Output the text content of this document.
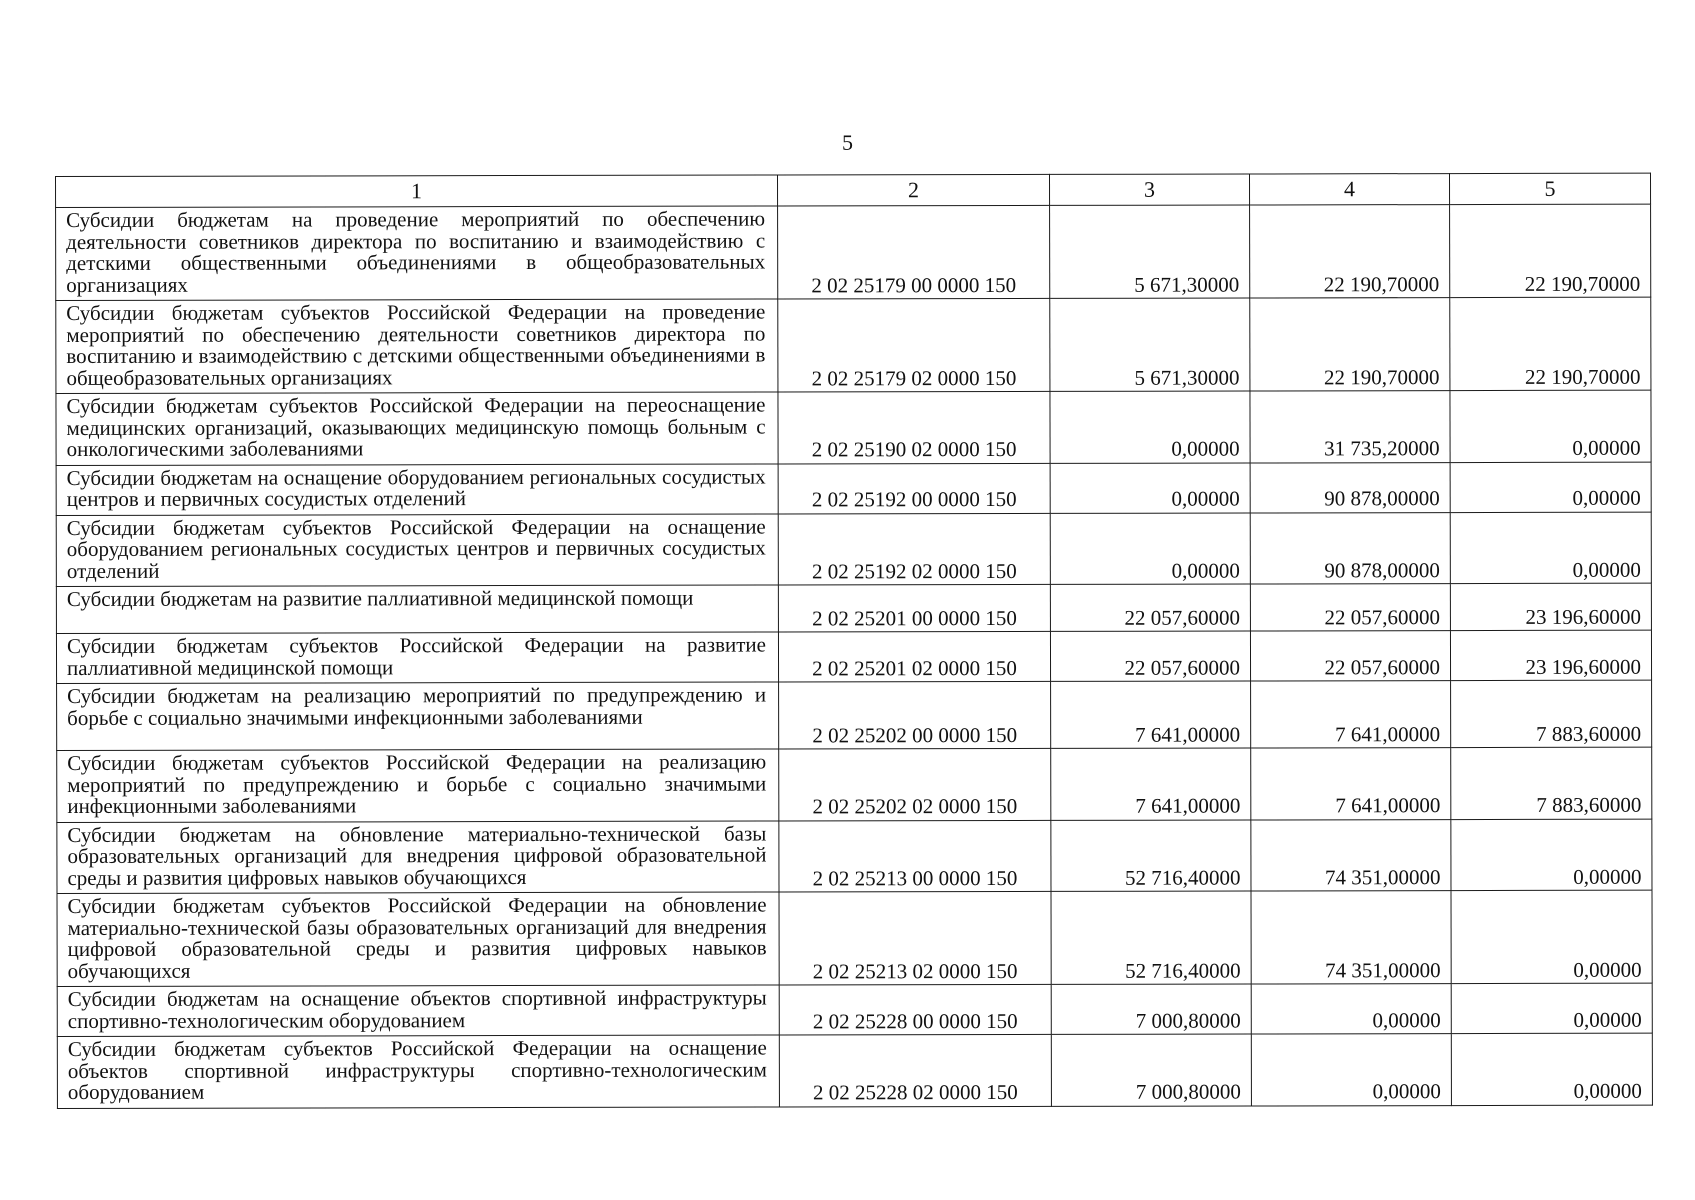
5
1	2	3	4	5
Субсидии бюджетам на проведение мероприятий по обеспечению деятельности советников директора по воспитанию и взаимодействию с детскими общественными объединениями в общеобразовательных организациях	2 02 25179 00 0000 150	5 671,30000	22 190,70000	22 190,70000
Субсидии бюджетам субъектов Российской Федерации на проведение мероприятий по обеспечению деятельности советников директора по воспитанию и взаимодействию с детскими общественными объединениями в общеобразовательных организациях	2 02 25179 02 0000 150	5 671,30000	22 190,70000	22 190,70000
Субсидии бюджетам субъектов Российской Федерации на переоснащение медицинских организаций, оказывающих медицинскую помощь больным с онкологическими заболеваниями	2 02 25190 02 0000 150	0,00000	31 735,20000	0,00000
Субсидии бюджетам на оснащение оборудованием региональных сосудистых центров и первичных сосудистых отделений	2 02 25192 00 0000 150	0,00000	90 878,00000	0,00000
Субсидии бюджетам субъектов Российской Федерации на оснащение оборудованием региональных сосудистых центров и первичных сосудистых отделений	2 02 25192 02 0000 150	0,00000	90 878,00000	0,00000
Субсидии бюджетам на развитие паллиативной медицинской помощи	2 02 25201 00 0000 150	22 057,60000	22 057,60000	23 196,60000
Субсидии бюджетам субъектов Российской Федерации на развитие паллиативной медицинской помощи	2 02 25201 02 0000 150	22 057,60000	22 057,60000	23 196,60000
Субсидии бюджетам на реализацию мероприятий по предупреждению и борьбе с социально значимыми инфекционными заболеваниями	2 02 25202 00 0000 150	7 641,00000	7 641,00000	7 883,60000
Субсидии бюджетам субъектов Российской Федерации на реализацию мероприятий по предупреждению и борьбе с социально значимыми инфекционными заболеваниями	2 02 25202 02 0000 150	7 641,00000	7 641,00000	7 883,60000
Субсидии бюджетам на обновление материально-технической базы образовательных организаций для внедрения цифровой образовательной среды и развития цифровых навыков обучающихся	2 02 25213 00 0000 150	52 716,40000	74 351,00000	0,00000
Субсидии бюджетам субъектов Российской Федерации на обновление материально-технической базы образовательных организаций для внедрения цифровой образовательной среды и развития цифровых навыков обучающихся	2 02 25213 02 0000 150	52 716,40000	74 351,00000	0,00000
Субсидии бюджетам на оснащение объектов спортивной инфраструктуры спортивно-технологическим оборудованием	2 02 25228 00 0000 150	7 000,80000	0,00000	0,00000
Субсидии бюджетам субъектов Российской Федерации на оснащение объектов спортивной инфраструктуры спортивно-технологическим оборудованием	2 02 25228 02 0000 150	7 000,80000	0,00000	0,00000
